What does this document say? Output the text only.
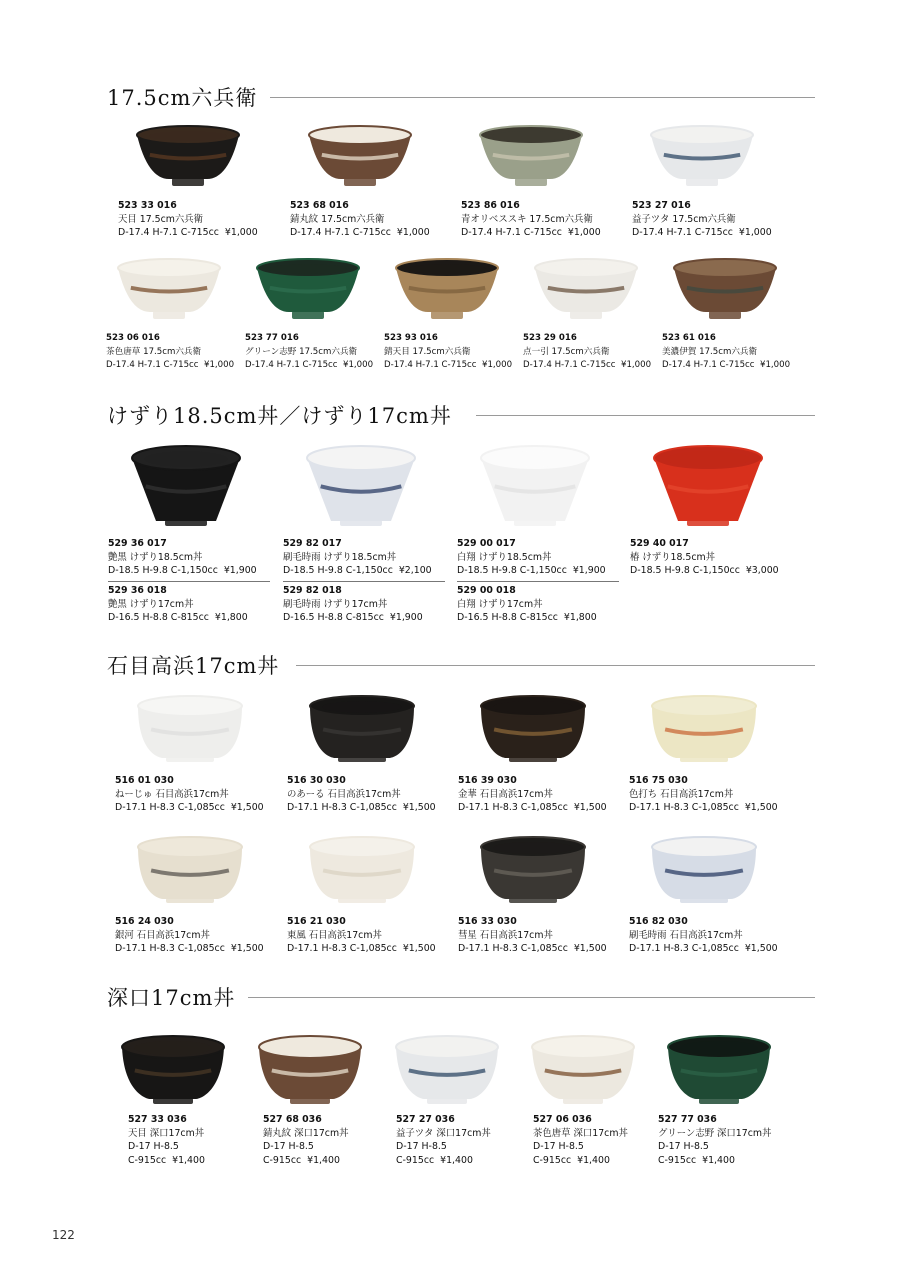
17.5cm六兵衛
523 33 016
天目 17.5cm六兵衛
D-17.4 H-7.1 C-715cc ¥1,000
523 68 016
錆丸紋 17.5cm六兵衛
D-17.4 H-7.1 C-715cc ¥1,000
523 86 016
青オリベススキ 17.5cm六兵衛
D-17.4 H-7.1 C-715cc ¥1,000
523 27 016
益子ツタ 17.5cm六兵衛
D-17.4 H-7.1 C-715cc ¥1,000
523 06 016
茶色唐草 17.5cm六兵衛
D-17.4 H-7.1 C-715cc ¥1,000
523 77 016
グリーン志野 17.5cm六兵衛
D-17.4 H-7.1 C-715cc ¥1,000
523 93 016
錆天目 17.5cm六兵衛
D-17.4 H-7.1 C-715cc ¥1,000
523 29 016
点一引 17.5cm六兵衛
D-17.4 H-7.1 C-715cc ¥1,000
523 61 016
美濃伊賀 17.5cm六兵衛
D-17.4 H-7.1 C-715cc ¥1,000
けずり18.5cm丼／けずり17cm丼
529 36 017
艶黒 けずり18.5cm丼
D-18.5 H-9.8 C-1,150cc ¥1,900
529 36 018
艶黒 けずり17cm丼
D-16.5 H-8.8 C-815cc ¥1,800
529 82 017
刷毛時雨 けずり18.5cm丼
D-18.5 H-9.8 C-1,150cc ¥2,100
529 82 018
刷毛時雨 けずり17cm丼
D-16.5 H-8.8 C-815cc ¥1,900
529 00 017
白翔 けずり18.5cm丼
D-18.5 H-9.8 C-1,150cc ¥1,900
529 00 018
白翔 けずり17cm丼
D-16.5 H-8.8 C-815cc ¥1,800
529 40 017
椿 けずり18.5cm丼
D-18.5 H-9.8 C-1,150cc ¥3,000
石目高浜17cm丼
516 01 030
ねーじゅ 石目高浜17cm丼
D-17.1 H-8.3 C-1,085cc ¥1,500
516 30 030
のあーる 石目高浜17cm丼
D-17.1 H-8.3 C-1,085cc ¥1,500
516 39 030
金華 石目高浜17cm丼
D-17.1 H-8.3 C-1,085cc ¥1,500
516 75 030
色打ち 石目高浜17cm丼
D-17.1 H-8.3 C-1,085cc ¥1,500
516 24 030
銀河 石目高浜17cm丼
D-17.1 H-8.3 C-1,085cc ¥1,500
516 21 030
東風 石目高浜17cm丼
D-17.1 H-8.3 C-1,085cc ¥1,500
516 33 030
彗星 石目高浜17cm丼
D-17.1 H-8.3 C-1,085cc ¥1,500
516 82 030
刷毛時雨 石目高浜17cm丼
D-17.1 H-8.3 C-1,085cc ¥1,500
深口17cm丼
527 33 036
天目 深口17cm丼
D-17 H-8.5
C-915cc ¥1,400
527 68 036
錆丸紋 深口17cm丼
D-17 H-8.5
C-915cc ¥1,400
527 27 036
益子ツタ 深口17cm丼
D-17 H-8.5
C-915cc ¥1,400
527 06 036
茶色唐草 深口17cm丼
D-17 H-8.5
C-915cc ¥1,400
527 77 036
グリーン志野 深口17cm丼
D-17 H-8.5
C-915cc ¥1,400
122
